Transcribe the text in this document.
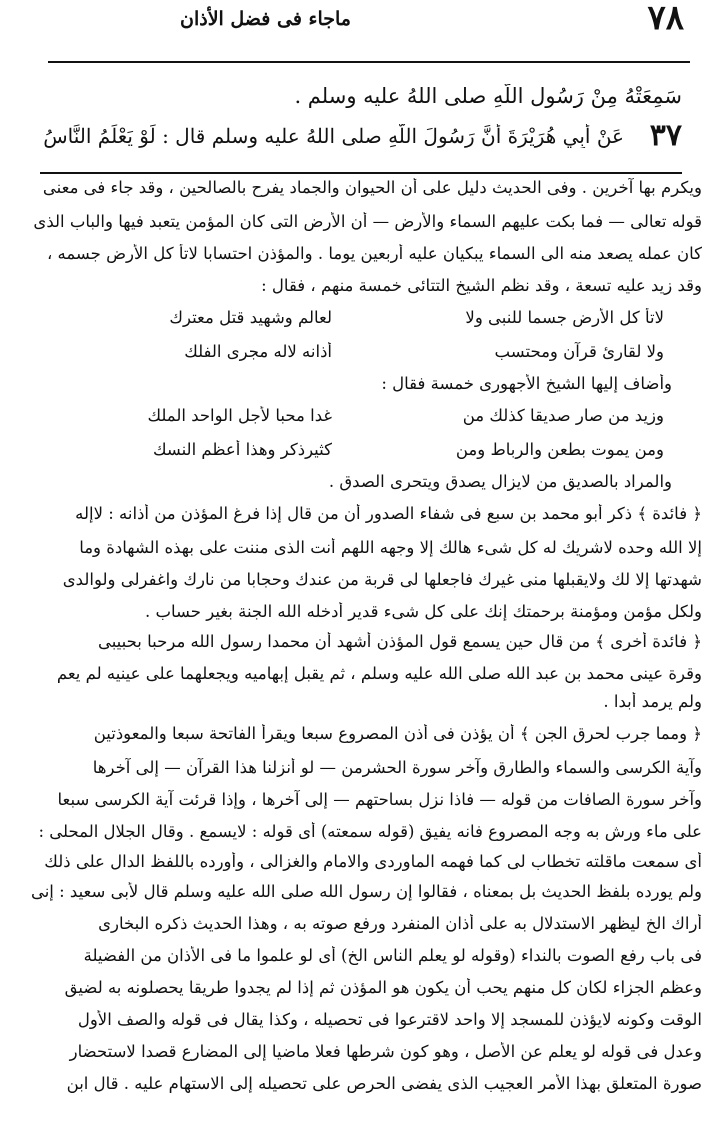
ماجاء فى فضل الأذان	٧٨
سَمِعَتْهُ مِنْ رَسُولِ اللَّهِ صلى اللهُ عليه وسلم .
عَنْ أَبِي هُرَيْرَةَ أَنَّ رَسُولَ اللَّهِ صلى اللهُ عليه وسلم قال : لَوْ يَعْلَمُ النَّاسُ ٣٧
ويكرم بها آخرين . وفى الحديث دليل على أن الحيوان والجماد يفرح بالصالحين ، وقد جاء فى معنى
قوله تعالى — فما بكت عليهم السماء والأرض — أن الأرض التى كان المؤمن يتعبد فيها والباب الذى
كان عمله يصعد منه الى السماء يبكيان عليه أربعين يوما . والمؤذن احتسابا لاتأ كل الأرض جسمه ،
وقد زيد عليه تسعة ، وقد نظم الشيخ التتائى خمسة منهم ، فقال :
لاتأ كل الأرض جسما للنبى ولا
لعالم وشهيد قتل معترك
ولا لقارئ قرآن ومحتسب
أذانه لاله مجرى الفلك
وأضاف إليها الشيخ الأجهورى خمسة فقال :
وزيد من صار صديقا كذلك من
غدا محبا لأجل الواحد الملك
ومن يموت بطعن والرباط ومن
كثيرذكر وهذا أعظم النسك
والمراد بالصديق من لايزال يصدق ويتحرى الصدق .
﴿ فائدة ﴾ ذكر أبو محمد بن سبع فى شفاء الصدور أن من قال إذا فرغ المؤذن من أذانه : لاإله
إلا الله وحده لاشريك له كل شىء هالك إلا وجهه اللهم أنت الذى مننت على بهذه الشهادة وما
شهدتها إلا لك ولايقبلها منى غيرك فاجعلها لى قربة من عندك وحجابا من نارك واغفرلى ولوالدى
ولكل مؤمن ومؤمنة برحمتك إنك على كل شىء قدير أدخله الله الجنة بغير حساب .
﴿ فائدة أخرى ﴾ من قال حين يسمع قول المؤذن أشهد أن محمدا رسول الله مرحبا بحبيبى
وقرة عينى محمد بن عبد الله صلى الله عليه وسلم ، ثم يقبل إبهاميه ويجعلهما على عينيه لم يعم
ولم يرمد أبدا .
﴿ ومما جرب لحرق الجن ﴾ أن يؤذن فى أذن المصروع سبعا ويقرأ الفاتحة سبعا والمعوذتين
وآية الكرسى والسماء والطارق وآخر سورة الحشرمن — لو أنزلنا هذا القرآن — إلى آخرها
وآخر سورة الصافات من قوله — فاذا نزل بساحتهم — إلى آخرها ، وإذا قرئت آية الكرسى سبعا
على ماء ورش به وجه المصروع فانه يفيق (قوله سمعته) أى قوله : لايسمع . وقال الجلال المحلى :
أى سمعت ماقلته تخطاب لى كما فهمه الماوردى والامام والغزالى ، وأورده باللفظ الدال على ذلك
ولم يورده بلفظ الحديث بل بمعناه ، فقالوا إن رسول الله صلى الله عليه وسلم قال لأبى سعيد : إنى
أراك الخ ليظهر الاستدلال به على أذان المنفرد ورفع صوته به ، وهذا الحديث ذكره البخارى
فى باب رفع الصوت بالنداء (وقوله لو يعلم الناس الخ) أى لو علموا ما فى الأذان من الفضيلة
وعظم الجزاء لكان كل منهم يحب أن يكون هو المؤذن ثم إذا لم يجدوا طريقا يحصلونه به لضيق
الوقت وكونه لايؤذن للمسجد إلا واحد لاقترعوا فى تحصيله ، وكذا يقال فى قوله والصف الأول
وعدل فى قوله لو يعلم عن الأصل ، وهو كون شرطها فعلا ماضيا إلى المضارع قصدا لاستحضار
صورة المتعلق بهذا الأمر العجيب الذى يفضى الحرص على تحصيله إلى الاستهام عليه . قال ابن
